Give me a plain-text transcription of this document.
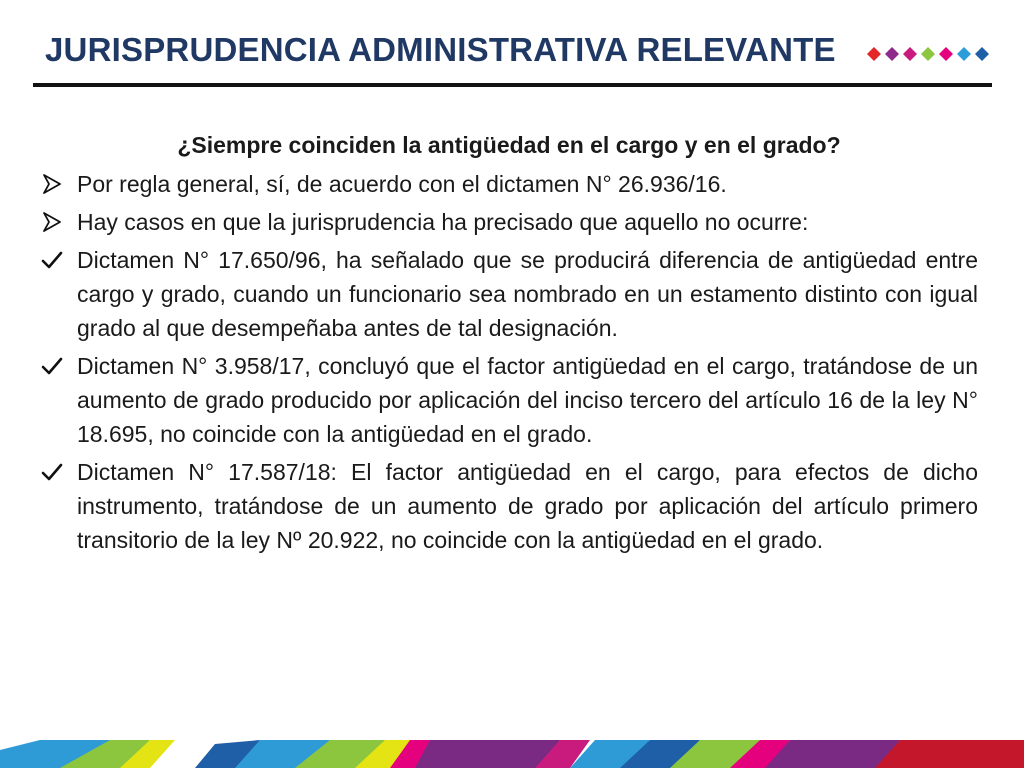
JURISPRUDENCIA ADMINISTRATIVA RELEVANTE

¿Siempre coinciden la antigüedad en el cargo y en el grado?

Por regla general, sí, de acuerdo con el dictamen N° 26.936/16.
Hay casos en que la jurisprudencia ha precisado que aquello no ocurre:
Dictamen N° 17.650/96, ha señalado que se producirá diferencia de antigüedad entre cargo y grado, cuando un funcionario sea nombrado en un estamento distinto con igual grado al que desempeñaba antes de tal designación.
Dictamen N° 3.958/17, concluyó que el factor antigüedad en el cargo, tratándose de un aumento de grado producido por aplicación del inciso tercero del artículo 16 de la ley N° 18.695, no coincide con la antigüedad en el grado.
Dictamen N° 17.587/18: El factor antigüedad en el cargo, para efectos de dicho instrumento, tratándose de un aumento de grado por aplicación del artículo primero transitorio de la ley Nº 20.922, no coincide con la antigüedad en el grado.
